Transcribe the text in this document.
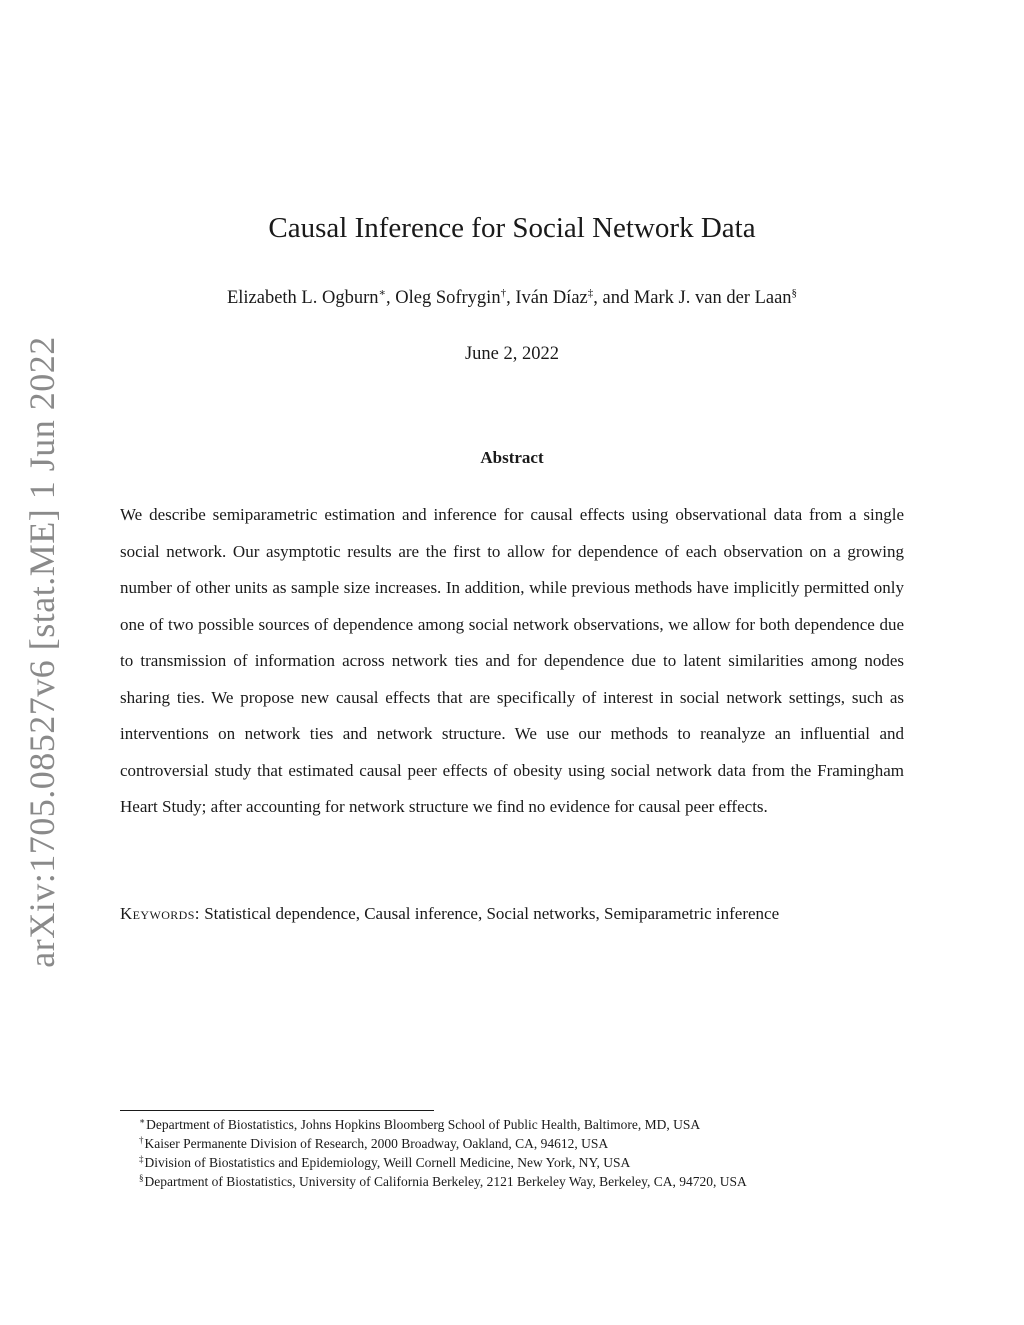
arXiv:1705.08527v6 [stat.ME] 1 Jun 2022
Causal Inference for Social Network Data
Elizabeth L. Ogburn∗, Oleg Sofrygin†, Iván Díaz‡, and Mark J. van der Laan§
June 2, 2022
Abstract

We describe semiparametric estimation and inference for causal effects using observational data from a single social network. Our asymptotic results are the first to allow for dependence of each observation on a growing number of other units as sample size increases. In addition, while previous methods have implicitly permitted only one of two possible sources of dependence among social network observations, we allow for both dependence due to transmission of information across network ties and for dependence due to latent similarities among nodes sharing ties. We propose new causal effects that are specifically of interest in social network settings, such as interventions on network ties and network structure. We use our methods to reanalyze an influential and controversial study that estimated causal peer effects of obesity using social network data from the Framingham Heart Study; after accounting for network structure we find no evidence for causal peer effects.

Keywords: Statistical dependence, Causal inference, Social networks, Semiparametric inference
∗Department of Biostatistics, Johns Hopkins Bloomberg School of Public Health, Baltimore, MD, USA
†Kaiser Permanente Division of Research, 2000 Broadway, Oakland, CA, 94612, USA
‡Division of Biostatistics and Epidemiology, Weill Cornell Medicine, New York, NY, USA
§Department of Biostatistics, University of California Berkeley, 2121 Berkeley Way, Berkeley, CA, 94720, USA
